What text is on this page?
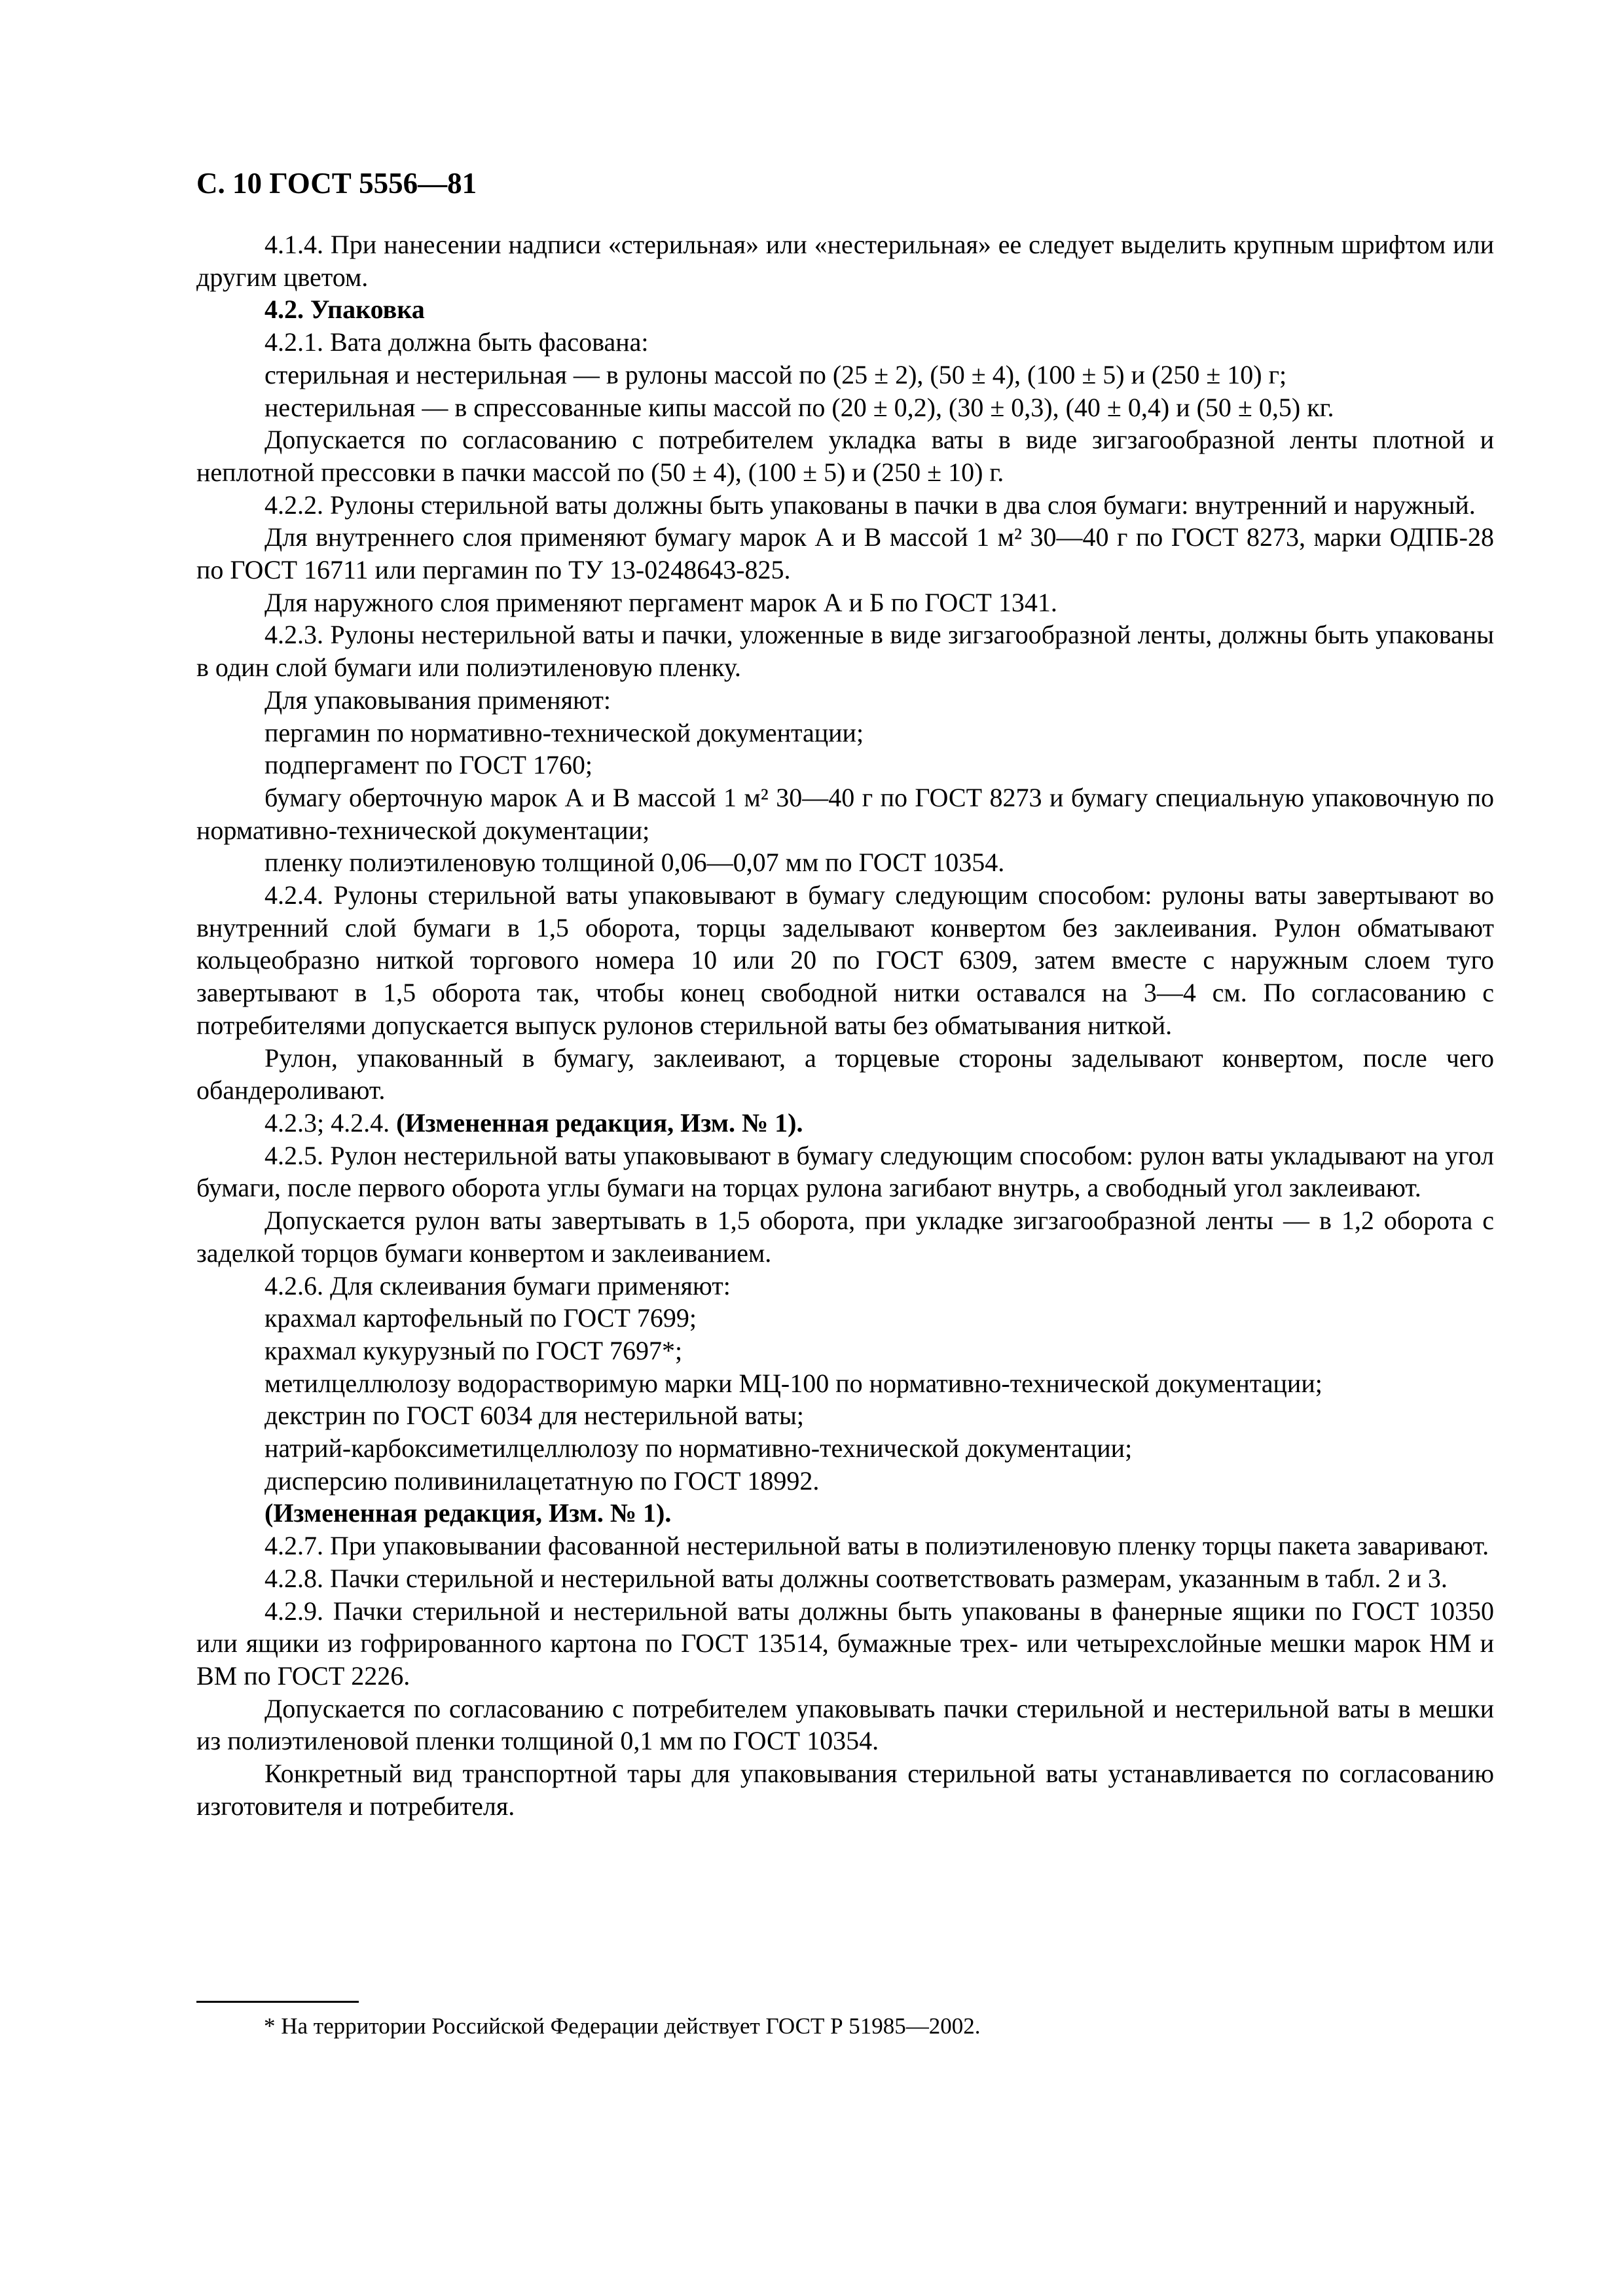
С. 10 ГОСТ 5556—81

4.1.4. При нанесении надписи «стерильная» или «нестерильная» ее следует выделить крупным шрифтом или другим цветом.

4.2. Упаковка

4.2.1. Вата должна быть фасована:

стерильная и нестерильная — в рулоны массой по (25 ± 2), (50 ± 4), (100 ± 5) и (250 ± 10) г;

нестерильная — в спрессованные кипы массой по (20 ± 0,2), (30 ± 0,3), (40 ± 0,4) и (50 ± 0,5) кг.

Допускается по согласованию с потребителем укладка ваты в виде зигзагообразной ленты плотной и неплотной прессовки в пачки массой по (50 ± 4), (100 ± 5) и (250 ± 10) г.

4.2.2. Рулоны стерильной ваты должны быть упакованы в пачки в два слоя бумаги: внутренний и наружный.

Для внутреннего слоя применяют бумагу марок А и В массой 1 м² 30—40 г по ГОСТ 8273, марки ОДПБ-28 по ГОСТ 16711 или пергамин по ТУ 13-0248643-825.

Для наружного слоя применяют пергамент марок А и Б по ГОСТ 1341.

4.2.3. Рулоны нестерильной ваты и пачки, уложенные в виде зигзагообразной ленты, должны быть упакованы в один слой бумаги или полиэтиленовую пленку.

Для упаковывания применяют:

пергамин по нормативно-технической документации;

подпергамент по ГОСТ 1760;

бумагу оберточную марок А и В массой 1 м² 30—40 г по ГОСТ 8273 и бумагу специальную упаковочную по нормативно-технической документации;

пленку полиэтиленовую толщиной 0,06—0,07 мм по ГОСТ 10354.

4.2.4. Рулоны стерильной ваты упаковывают в бумагу следующим способом: рулоны ваты завертывают во внутренний слой бумаги в 1,5 оборота, торцы заделывают конвертом без заклеивания. Рулон обматывают кольцеобразно ниткой торгового номера 10 или 20 по ГОСТ 6309, затем вместе с наружным слоем туго завертывают в 1,5 оборота так, чтобы конец свободной нитки оставался на 3—4 см. По согласованию с потребителями допускается выпуск рулонов стерильной ваты без обматывания ниткой.

Рулон, упакованный в бумагу, заклеивают, а торцевые стороны заделывают конвертом, после чего обандероливают.

4.2.3; 4.2.4. (Измененная редакция, Изм. № 1).

4.2.5. Рулон нестерильной ваты упаковывают в бумагу следующим способом: рулон ваты укладывают на угол бумаги, после первого оборота углы бумаги на торцах рулона загибают внутрь, а свободный угол заклеивают.

Допускается рулон ваты завертывать в 1,5 оборота, при укладке зигзагообразной ленты — в 1,2 оборота с заделкой торцов бумаги конвертом и заклеиванием.

4.2.6. Для склеивания бумаги применяют:

крахмал картофельный по ГОСТ 7699;

крахмал кукурузный по ГОСТ 7697*;

метилцеллюлозу водорастворимую марки МЦ-100 по нормативно-технической документации;

декстрин по ГОСТ 6034 для нестерильной ваты;

натрий-карбоксиметилцеллюлозу по нормативно-технической документации;

дисперсию поливинилацетатную по ГОСТ 18992.

(Измененная редакция, Изм. № 1).

4.2.7. При упаковывании фасованной нестерильной ваты в полиэтиленовую пленку торцы пакета заваривают.

4.2.8. Пачки стерильной и нестерильной ваты должны соответствовать размерам, указанным в табл. 2 и 3.

4.2.9. Пачки стерильной и нестерильной ваты должны быть упакованы в фанерные ящики по ГОСТ 10350 или ящики из гофрированного картона по ГОСТ 13514, бумажные трех- или четырехслойные мешки марок НМ и ВМ по ГОСТ 2226.

Допускается по согласованию с потребителем упаковывать пачки стерильной и нестерильной ваты в мешки из полиэтиленовой пленки толщиной 0,1 мм по ГОСТ 10354.

Конкретный вид транспортной тары для упаковывания стерильной ваты устанавливается по согласованию изготовителя и потребителя.

* На территории Российской Федерации действует ГОСТ Р 51985—2002.
